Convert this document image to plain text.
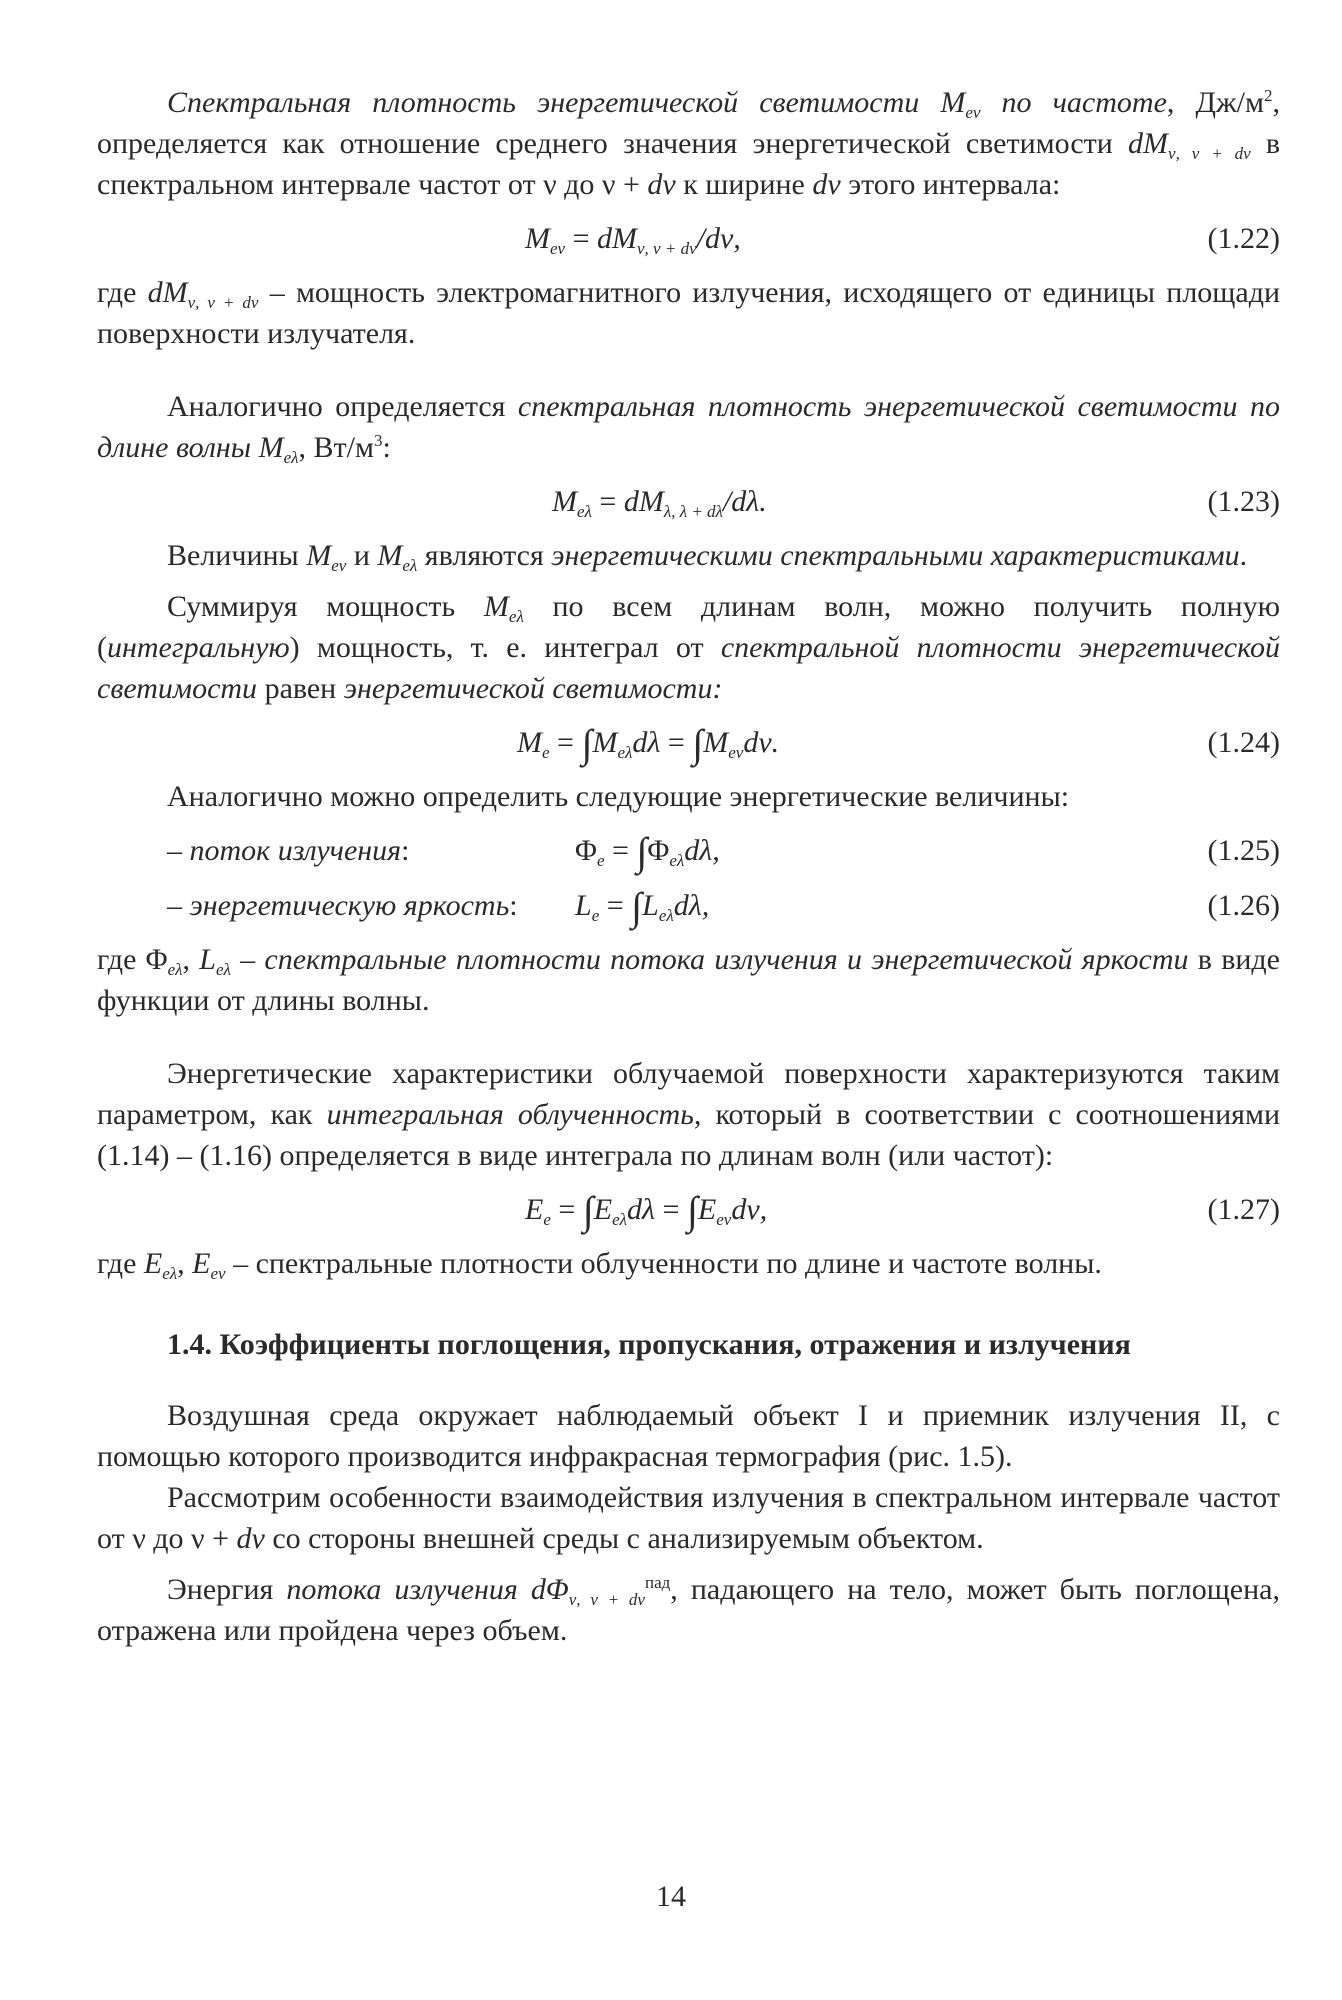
Спектральная плотность энергетической светимости $M_{e\nu}$ по частоте, $Дж/м^2$, определяется как отношение среднего значения энергетической светимости $dM_{\nu, \nu + d\nu}$ в спектральном интервале частот от ν до ν + dν к ширине dν этого интервала:

$M_{e\nu} = dM_{\nu, \nu + d\nu}/d\nu$,	(1.22)

где $dM_{\nu, \nu + d\nu}$ – мощность электромагнитного излучения, исходящего от единицы площади поверхности излучателя.

Аналогично определяется спектральная плотность энергетической светимости по длине волны $M_{e\lambda}$, $Вт/м^3$:

$M_{e\lambda} = dM_{\lambda, \lambda + d\lambda}/d\lambda$.	(1.23)

Величины $M_{e\nu}$ и $M_{e\lambda}$ являются энергетическими спектральными характеристиками.

Суммируя мощность $M_{e\lambda}$ по всем длинам волн, можно получить полную (интегральную) мощность, т. е. интеграл от спектральной плотности энергетической светимости равен энергетической светимости:

$M_e = \int M_{e\lambda}d\lambda = \int M_{e\nu}d\nu$.	(1.24)

Аналогично можно определить следующие энергетические величины:

– поток излучения:	$\Phi_e = \int\Phi_{e\lambda}d\lambda$,	(1.25)
– энергетическую яркость: $L_e = \int L_{e\lambda}d\lambda$,	(1.26)

где $\Phi_{e\lambda}$, $L_{e\lambda}$ – спектральные плотности потока излучения и энергетической яркости в виде функции от длины волны.

Энергетические характеристики облучаемой поверхности характеризуются таким параметром, как интегральная облученность, который в соответствии с соотношениями (1.14) – (1.16) определяется в виде интеграла по длинам волн (или частот):

$E_e = \int E_{e\lambda}d\lambda = \int E_{e\nu}d\nu$,	(1.27)

где $E_{e\lambda}$, $E_{e\nu}$ – спектральные плотности облученности по длине и частоте волны.

1.4. Коэффициенты поглощения, пропускания, отражения и излучения

Воздушная среда окружает наблюдаемый объект I и приемник излучения II, с помощью которого производится инфракрасная термография (рис. 1.5).

Рассмотрим особенности взаимодействия излучения в спектральном интервале частот от ν до ν + dν со стороны внешней среды с анализируемым объектом.

Энергия потока излучения $d\Phi_{\nu, \nu + d\nu}^{пад}$, падающего на тело, может быть поглощена, отражена или пройдена через объем.

14
